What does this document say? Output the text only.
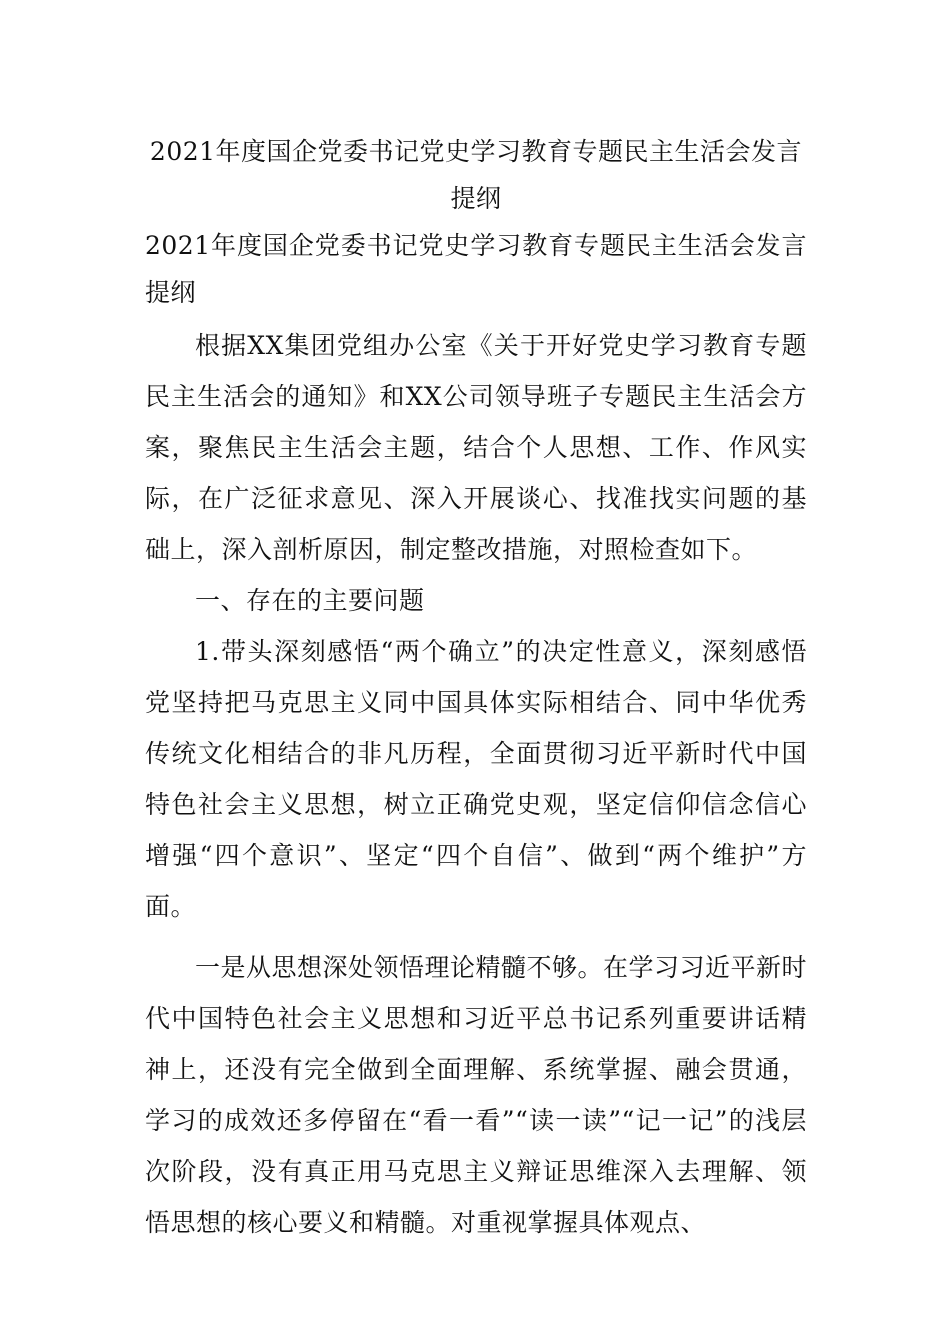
2021年度国企党委书记党史学习教育专题民主生活会发言提纲

2021年度国企党委书记党史学习教育专题民主生活会发言提纲

根据XX集团党组办公室《关于开好党史学习教育专题民主生活会的通知》和XX公司领导班子专题民主生活会方案，聚焦民主生活会主题，结合个人思想、工作、作风实际，在广泛征求意见、深入开展谈心、找准找实问题的基础上，深入剖析原因，制定整改措施，对照检查如下。

一、存在的主要问题

1.带头深刻感悟“两个确立”的决定性意义，深刻感悟党坚持把马克思主义同中国具体实际相结合、同中华优秀传统文化相结合的非凡历程，全面贯彻习近平新时代中国特色社会主义思想，树立正确党史观，坚定信仰信念信心增强“四个意识”、坚定“四个自信”、做到“两个维护”方面。

一是从思想深处领悟理论精髓不够。在学习习近平新时代中国特色社会主义思想和习近平总书记系列重要讲话精神上，还没有完全做到全面理解、系统掌握、融会贯通，学习的成效还多停留在“看一看”“读一读”“记一记”的浅层次阶段，没有真正用马克思主义辩证思维深入去理解、领悟思想的核心要义和精髓。对重视掌握具体观点、
